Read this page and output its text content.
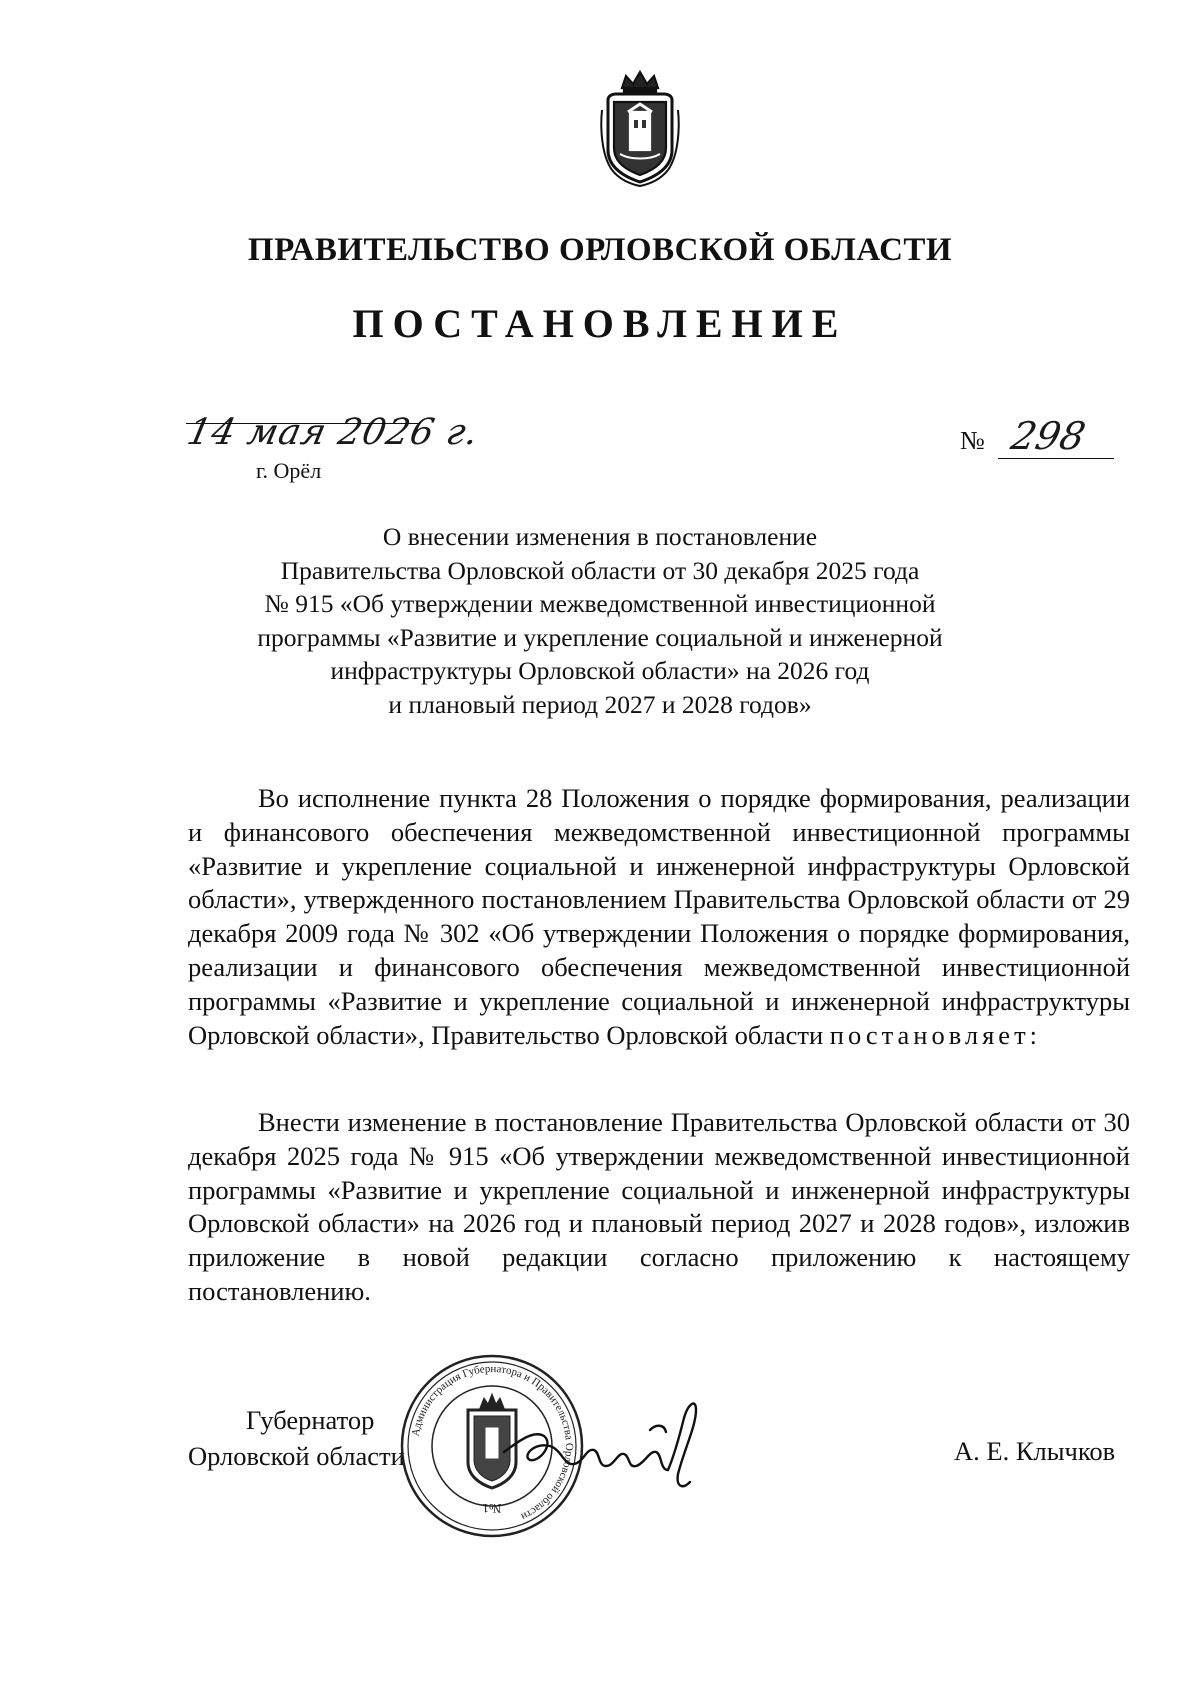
ПРАВИТЕЛЬСТВО ОРЛОВСКОЙ ОБЛАСТИ
ПОСТАНОВЛЕНИЕ
14 мая 2026 г.
г. Орёл
№ 298
О внесении изменения в постановление
Правительства Орловской области от 30 декабря 2025 года
№ 915 «Об утверждении межведомственной инвестиционной
программы «Развитие и укрепление социальной и инженерной
инфраструктуры Орловской области» на 2026 год
и плановый период 2027 и 2028 годов»

Во исполнение пункта 28 Положения о порядке формирования, реализации и финансового обеспечения межведомственной инвестиционной программы «Развитие и укрепление социальной и инженерной инфраструктуры Орловской области», утвержденного постановлением Правительства Орловской области от 29 декабря 2009 года № 302 «Об утверждении Положения о порядке формирования, реализации и финансового обеспечения межведомственной инвестиционной программы «Развитие и укрепление социальной и инженерной инфраструктуры Орловской области», Правительство Орловской области постановляет:

Внести изменение в постановление Правительства Орловской области от 30 декабря 2025 года № 915 «Об утверждении межведомственной инвестиционной программы «Развитие и укрепление социальной и инженерной инфраструктуры Орловской области» на 2026 год и плановый период 2027 и 2028 годов», изложив приложение в новой редакции согласно приложению к настоящему постановлению.

Губернатор
Орловской области
Администрация Губернатора и Правительства Орловской области
№1
А. Е. Клычков
